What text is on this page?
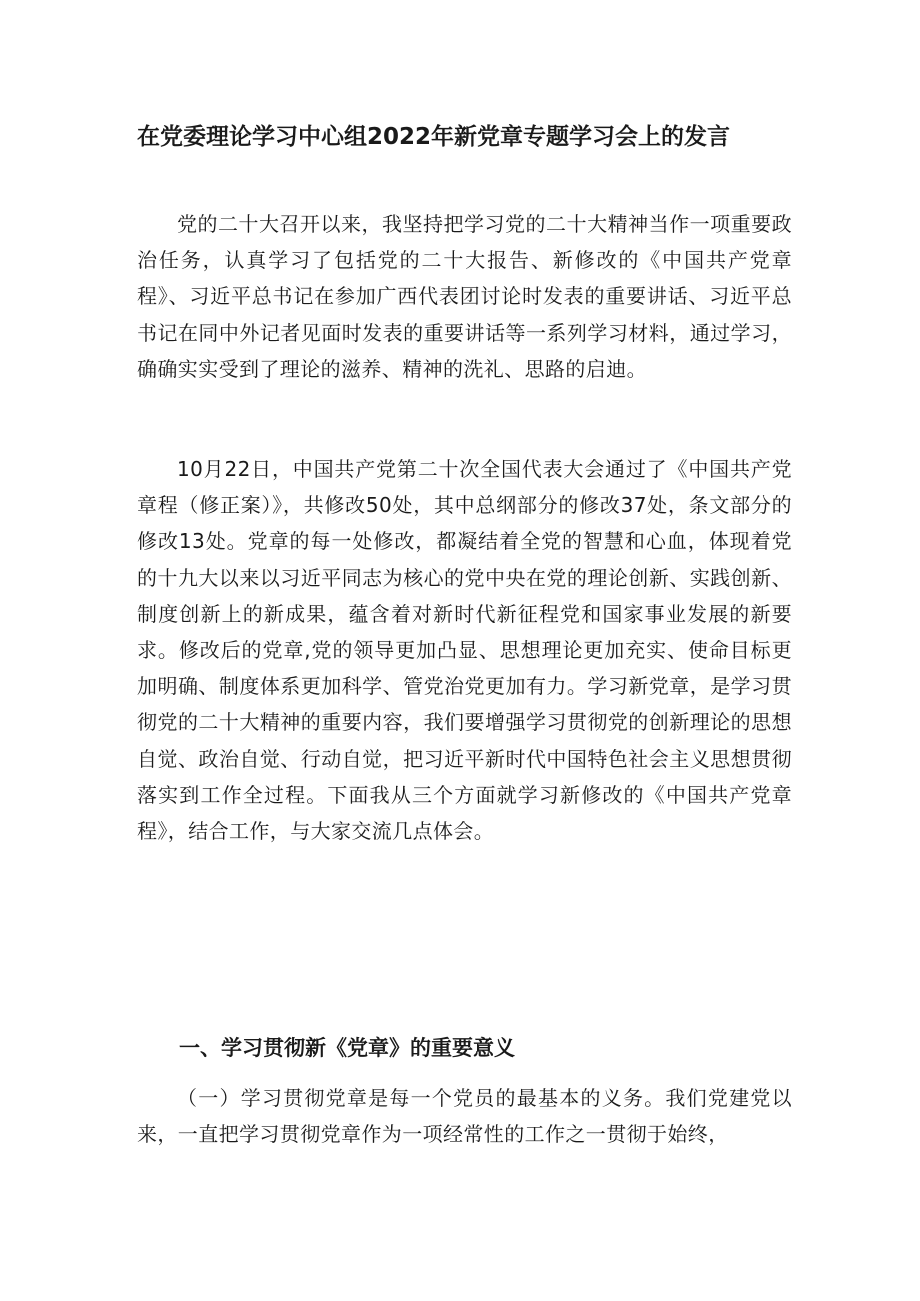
在党委理论学习中心组2022年新党章专题学习会上的发言

党的二十大召开以来，我坚持把学习党的二十大精神当作一项重要政治任务，认真学习了包括党的二十大报告、新修改的《中国共产党章程》、习近平总书记在参加广西代表团讨论时发表的重要讲话、习近平总书记在同中外记者见面时发表的重要讲话等一系列学习材料，通过学习，确确实实受到了理论的滋养、精神的洗礼、思路的启迪。

10月22日，中国共产党第二十次全国代表大会通过了《中国共产党章程（修正案）》，共修改50处，其中总纲部分的修改37处，条文部分的修改13处。党章的每一处修改，都凝结着全党的智慧和心血，体现着党的十九大以来以习近平同志为核心的党中央在党的理论创新、实践创新、制度创新上的新成果，蕴含着对新时代新征程党和国家事业发展的新要求。修改后的党章,党的领导更加凸显、思想理论更加充实、使命目标更加明确、制度体系更加科学、管党治党更加有力。学习新党章，是学习贯彻党的二十大精神的重要内容，我们要增强学习贯彻党的创新理论的思想自觉、政治自觉、行动自觉，把习近平新时代中国特色社会主义思想贯彻落实到工作全过程。下面我从三个方面就学习新修改的《中国共产党章程》，结合工作，与大家交流几点体会。

一、学习贯彻新《党章》的重要意义

（一）学习贯彻党章是每一个党员的最基本的义务。我们党建党以来，一直把学习贯彻党章作为一项经常性的工作之一贯彻于始终，
